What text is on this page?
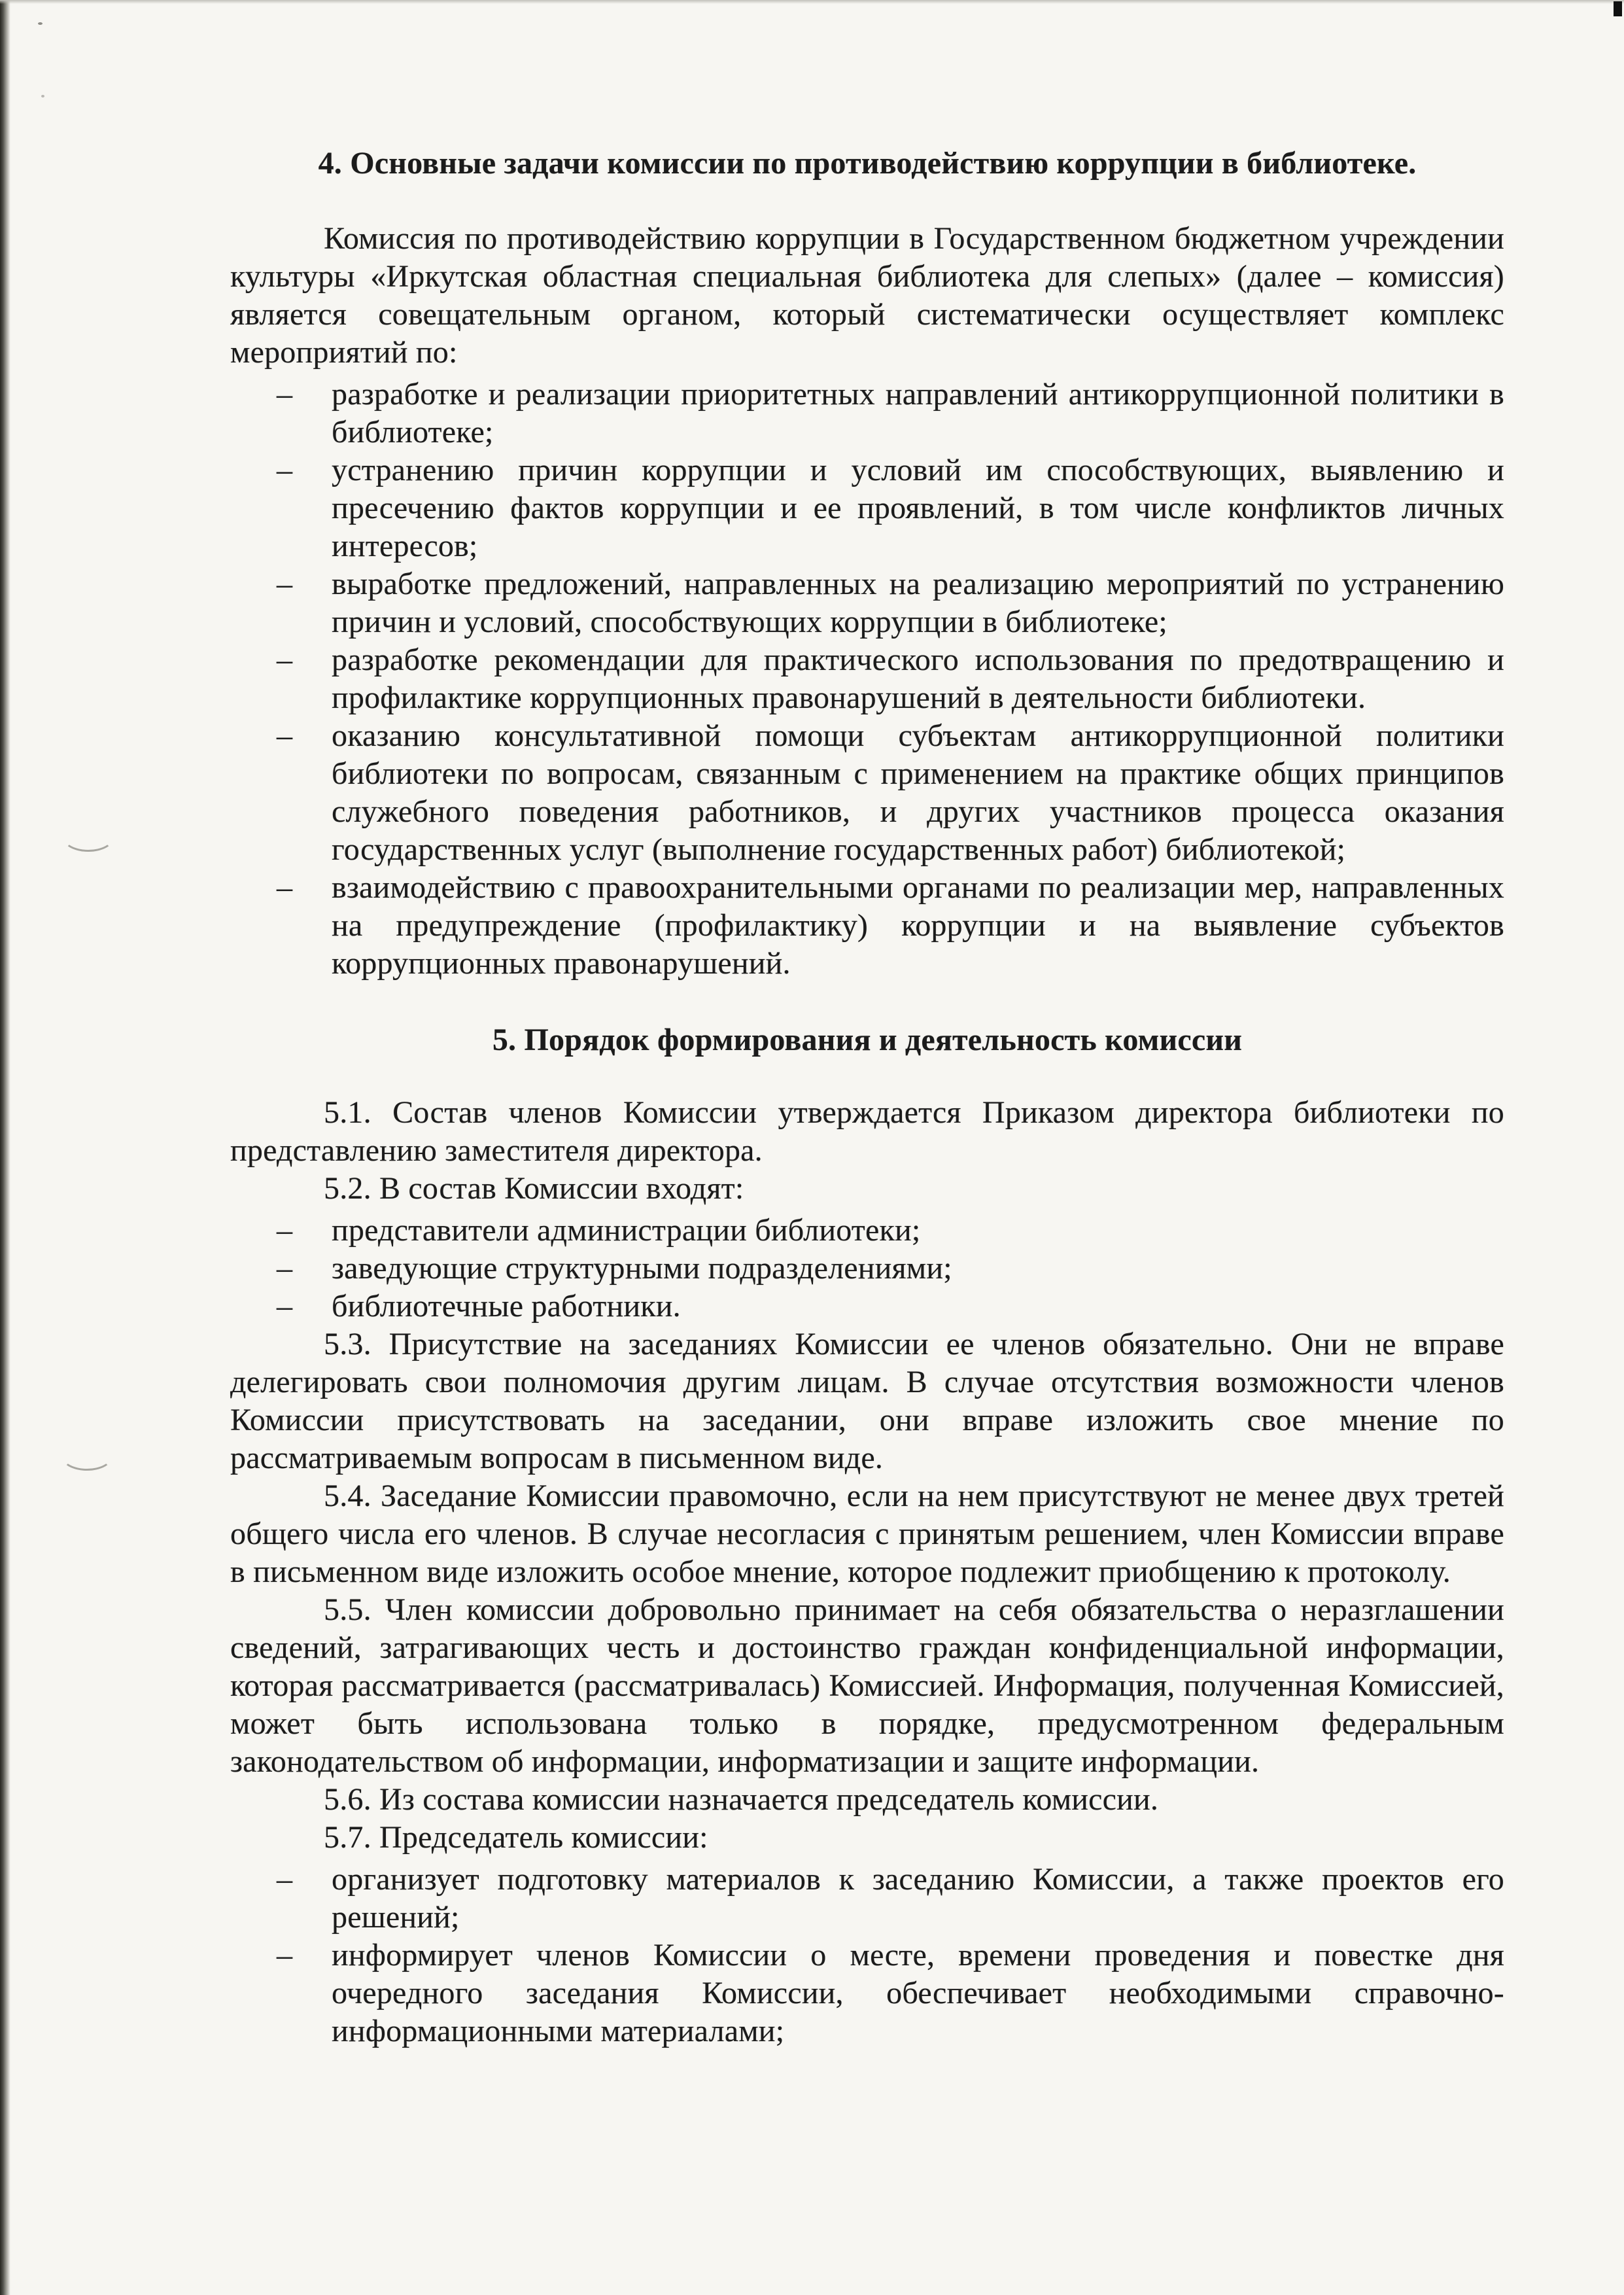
4. Основные задачи комиссии по противодействию коррупции в библиотеке.

Комиссия по противодействию коррупции в Государственном бюджетном учреждении культуры «Иркутская областная специальная библиотека для слепых» (далее – комиссия) является совещательным органом, который систематически осуществляет комплекс мероприятий по:

– разработке и реализации приоритетных направлений антикоррупционной политики в библиотеке;
– устранению причин коррупции и условий им способствующих, выявлению и пресечению фактов коррупции и ее проявлений, в том числе конфликтов личных интересов;
– выработке предложений, направленных на реализацию мероприятий по устранению причин и условий, способствующих коррупции в библиотеке;
– разработке рекомендации для практического использования по предотвращению и профилактике коррупционных правонарушений в деятельности библиотеки.
– оказанию консультативной помощи субъектам антикоррупционной политики библиотеки по вопросам, связанным с применением на практике общих принципов служебного поведения работников, и других участников процесса оказания государственных услуг (выполнение государственных работ) библиотекой;
– взаимодействию с правоохранительными органами по реализации мер, направленных на предупреждение (профилактику) коррупции и на выявление субъектов коррупционных правонарушений.

5. Порядок формирования и деятельность комиссии

5.1. Состав членов Комиссии утверждается Приказом директора библиотеки по представлению заместителя директора.

5.2. В состав Комиссии входят:

– представители администрации библиотеки;
– заведующие структурными подразделениями;
– библиотечные работники.

5.3. Присутствие на заседаниях Комиссии ее членов обязательно. Они не вправе делегировать свои полномочия другим лицам. В случае отсутствия возможности членов Комиссии присутствовать на заседании, они вправе изложить свое мнение по рассматриваемым вопросам в письменном виде.

5.4. Заседание Комиссии правомочно, если на нем присутствуют не менее двух третей общего числа его членов. В случае несогласия с принятым решением, член Комиссии вправе в письменном виде изложить особое мнение, которое подлежит приобщению к протоколу.

5.5. Член комиссии добровольно принимает на себя обязательства о неразглашении сведений, затрагивающих честь и достоинство граждан конфиденциальной информации, которая рассматривается (рассматривалась) Комиссией. Информация, полученная Комиссией, может быть использована только в порядке, предусмотренном федеральным законодательством об информации, информатизации и защите информации.

5.6. Из состава комиссии назначается председатель комиссии.

5.7. Председатель комиссии:

– организует подготовку материалов к заседанию Комиссии, а также проектов его решений;
– информирует членов Комиссии о месте, времени проведения и повестке дня очередного заседания Комиссии, обеспечивает необходимыми справочно-информационными материалами;
